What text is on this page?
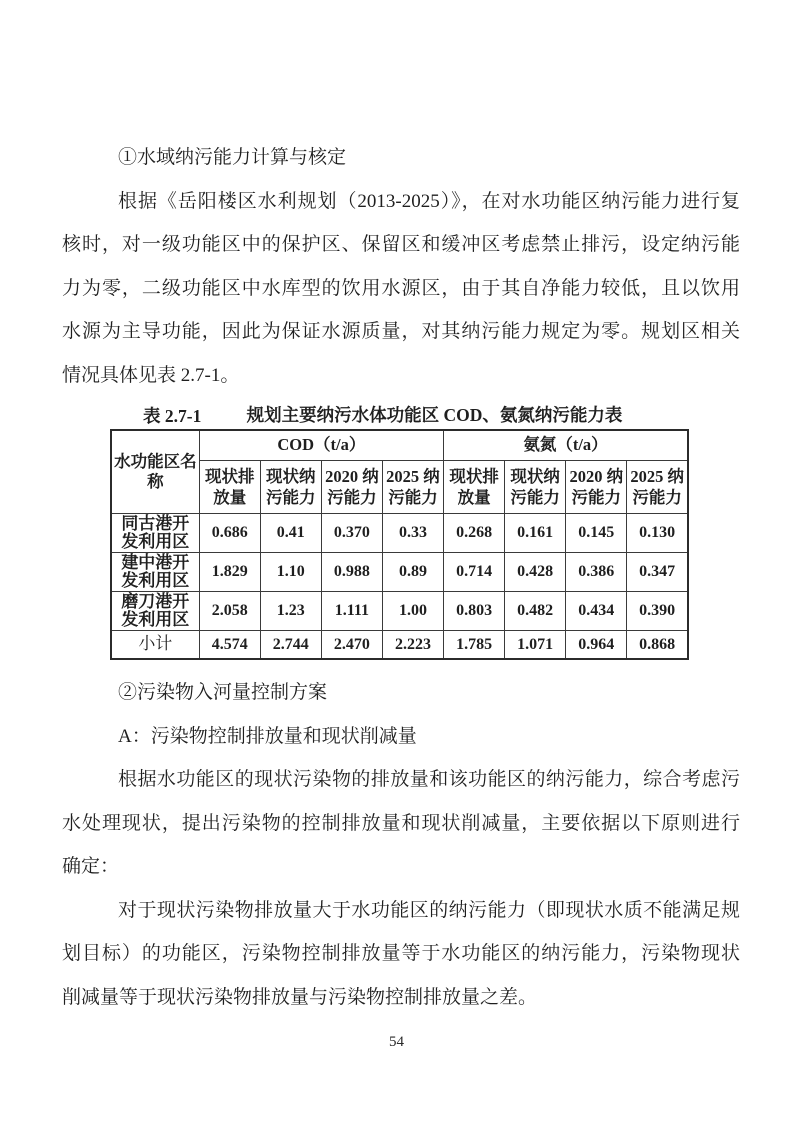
①水域纳污能力计算与核定

根据《岳阳楼区水利规划（2013-2025）》，在对水功能区纳污能力进行复

核时，对一级功能区中的保护区、保留区和缓冲区考虑禁止排污，设定纳污能

力为零，二级功能区中水库型的饮用水源区，由于其自净能力较低，且以饮用

水源为主导功能，因此为保证水源质量，对其纳污能力规定为零。规划区相关

情况具体见表 2.7-1。

表 2.7-1	规划主要纳污水体功能区 COD、氨氮纳污能力表
水功能区名称	COD（t/a）				氨氮（t/a）			
	现状排放量	现状纳污能力	2020 纳污能力	2025 纳污能力	现状排放量	现状纳污能力	2020 纳污能力	2025 纳污能力
同古港开发利用区	0.686	0.41	0.370	0.33	0.268	0.161	0.145	0.130
建中港开发利用区	1.829	1.10	0.988	0.89	0.714	0.428	0.386	0.347
磨刀港开发利用区	2.058	1.23	1.111	1.00	0.803	0.482	0.434	0.390
小计	4.574	2.744	2.470	2.223	1.785	1.071	0.964	0.868

②污染物入河量控制方案

A：污染物控制排放量和现状削减量

根据水功能区的现状污染物的排放量和该功能区的纳污能力，综合考虑污

水处理现状，提出污染物的控制排放量和现状削减量，主要依据以下原则进行

确定：

对于现状污染物排放量大于水功能区的纳污能力（即现状水质不能满足规

划目标）的功能区，污染物控制排放量等于水功能区的纳污能力，污染物现状

削减量等于现状污染物排放量与污染物控制排放量之差。

54
